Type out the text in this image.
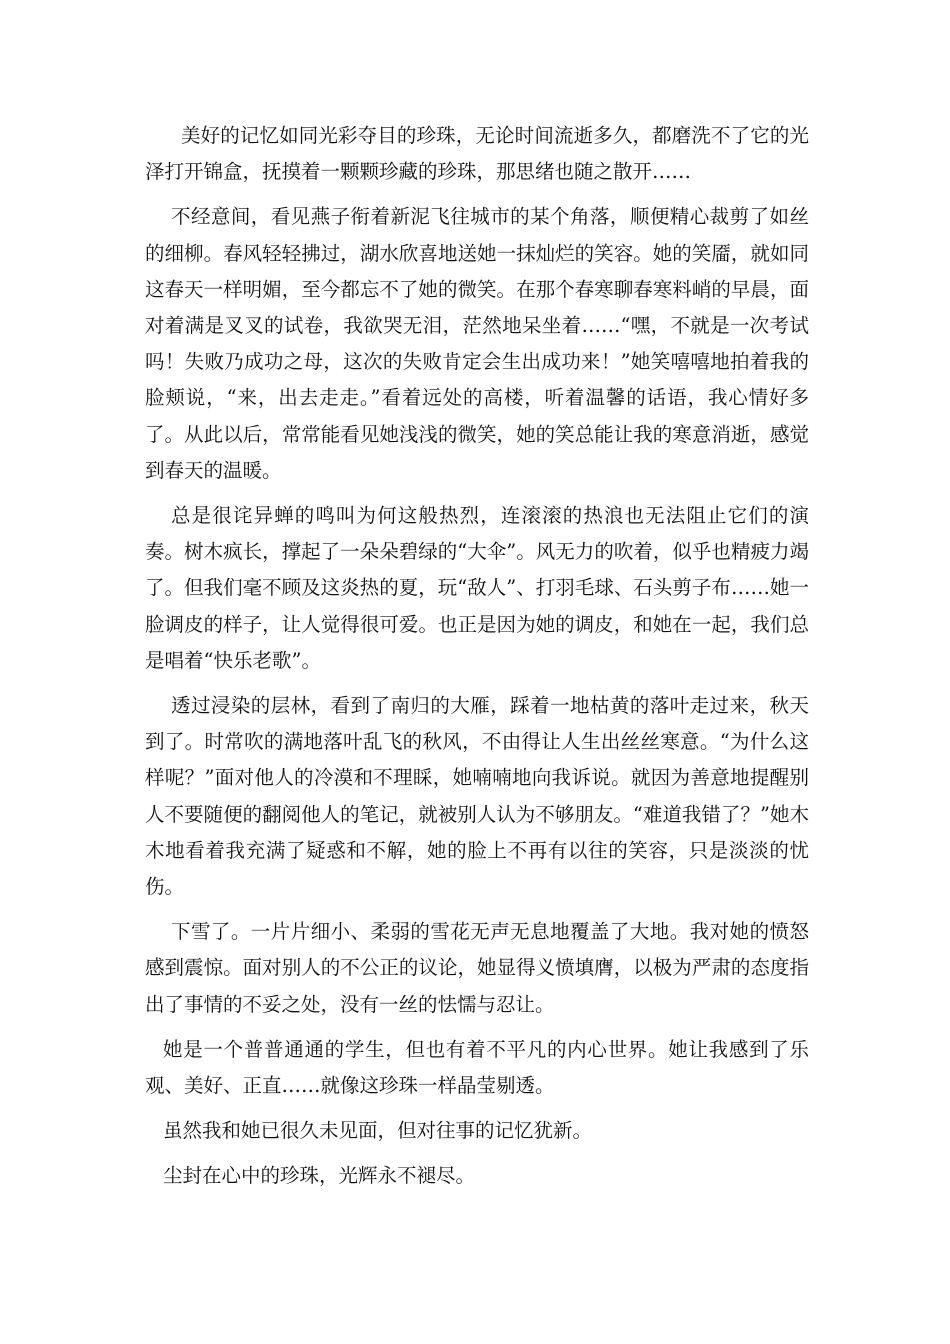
美好的记忆如同光彩夺目的珍珠，无论时间流逝多久，都磨洗不了它的光泽打开锦盒，抚摸着一颗颗珍藏的珍珠，那思绪也随之散开……

不经意间，看见燕子衔着新泥飞往城市的某个角落，顺便精心裁剪了如丝的细柳。春风轻轻拂过，湖水欣喜地送她一抹灿烂的笑容。她的笑靥，就如同这春天一样明媚，至今都忘不了她的微笑。在那个春寒聊春寒料峭的早晨，面对着满是叉叉的试卷，我欲哭无泪，茫然地呆坐着……“嘿，不就是一次考试吗！失败乃成功之母，这次的失败肯定会生出成功来！”她笑嘻嘻地拍着我的脸颊说，“来，出去走走。”看着远处的高楼，听着温馨的话语，我心情好多了。从此以后，常常能看见她浅浅的微笑，她的笑总能让我的寒意消逝，感觉到春天的温暖。

总是很诧异蝉的鸣叫为何这般热烈，连滚滚的热浪也无法阻止它们的演奏。树木疯长，撑起了一朵朵碧绿的“大伞”。风无力的吹着，似乎也精疲力竭了。但我们毫不顾及这炎热的夏，玩“敌人”、打羽毛球、石头剪子布……她一脸调皮的样子，让人觉得很可爱。也正是因为她的调皮，和她在一起，我们总是唱着“快乐老歌”。

透过浸染的层林，看到了南归的大雁，踩着一地枯黄的落叶走过来，秋天到了。时常吹的满地落叶乱飞的秋风，不由得让人生出丝丝寒意。“为什么这样呢？”面对他人的冷漠和不理睬，她喃喃地向我诉说。就因为善意地提醒别人不要随便的翻阅他人的笔记，就被别人认为不够朋友。“难道我错了？”她木木地看着我充满了疑惑和不解，她的脸上不再有以往的笑容，只是淡淡的忧伤。

下雪了。一片片细小、柔弱的雪花无声无息地覆盖了大地。我对她的愤怒感到震惊。面对别人的不公正的议论，她显得义愤填膺，以极为严肃的态度指出了事情的不妥之处，没有一丝的怯懦与忍让。

她是一个普普通通的学生，但也有着不平凡的内心世界。她让我感到了乐观、美好、正直……就像这珍珠一样晶莹剔透。

虽然我和她已很久未见面，但对往事的记忆犹新。

尘封在心中的珍珠，光辉永不褪尽。
